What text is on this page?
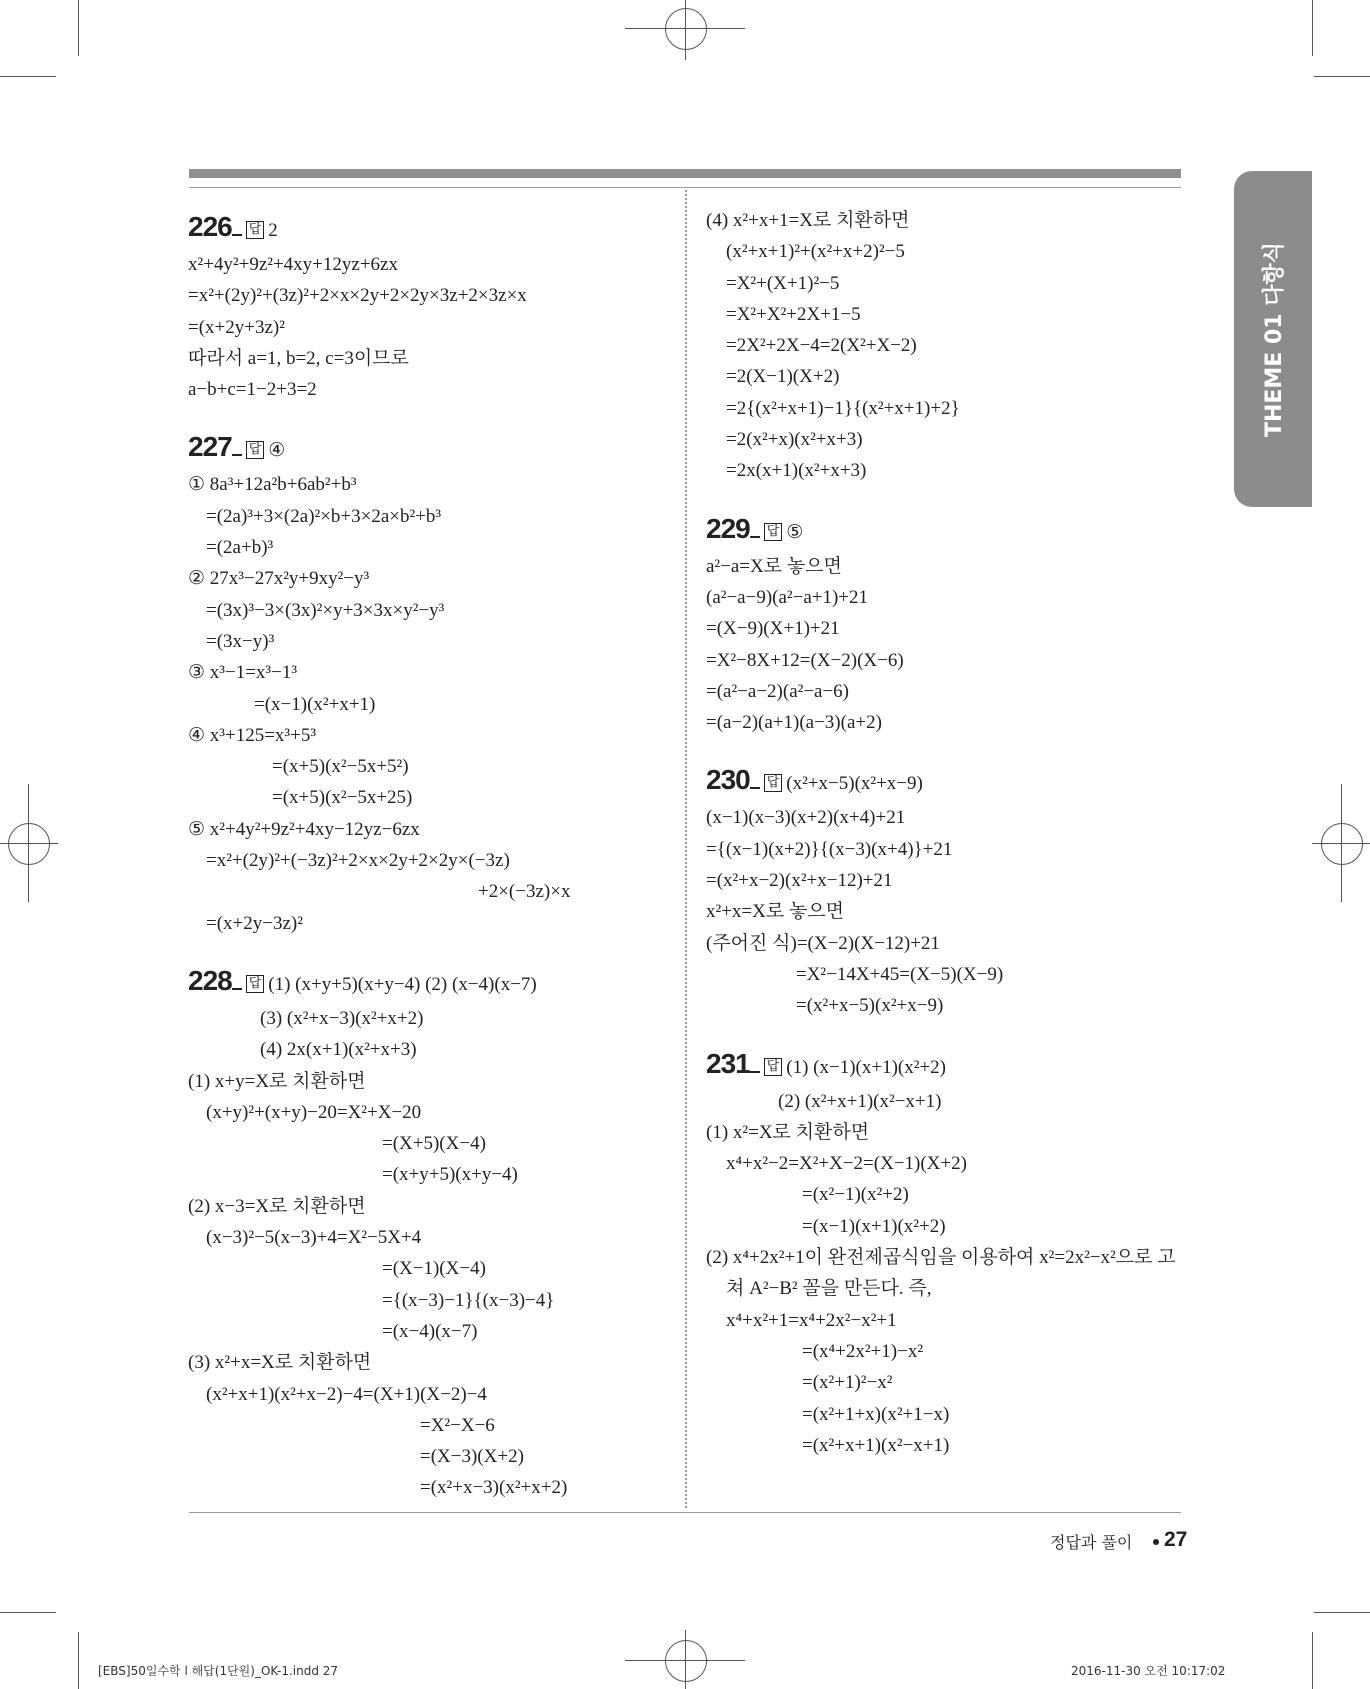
THEME 01 다항식
226 답 2
x²+4y²+9z²+4xy+12yz+6zx
=x²+(2y)²+(3z)²+2×x×2y+2×2y×3z+2×3z×x
=(x+2y+3z)²
따라서 a=1, b=2, c=3이므로
a−b+c=1−2+3=2
227 답 ④
① 8a³+12a²b+6ab²+b³
=(2a)³+3×(2a)²×b+3×2a×b²+b³
=(2a+b)³
② 27x³−27x²y+9xy²−y³
=(3x)³−3×(3x)²×y+3×3x×y²−y³
=(3x−y)³
③ x³−1=x³−1³
=(x−1)(x²+x+1)
④ x³+125=x³+5³
=(x+5)(x²−5x+5²)
=(x+5)(x²−5x+25)
⑤ x²+4y²+9z²+4xy−12yz−6zx
=x²+(2y)²+(−3z)²+2×x×2y+2×2y×(−3z)
+2×(−3z)×x
=(x+2y−3z)²
228 답 (1) (x+y+5)(x+y−4) (2) (x−4)(x−7)
(3) (x²+x−3)(x²+x+2)
(4) 2x(x+1)(x²+x+3)
(1) x+y=X로 치환하면
(x+y)²+(x+y)−20=X²+X−20
=(X+5)(X−4)
=(x+y+5)(x+y−4)
(2) x−3=X로 치환하면
(x−3)²−5(x−3)+4=X²−5X+4
=(X−1)(X−4)
={(x−3)−1}{(x−3)−4}
=(x−4)(x−7)
(3) x²+x=X로 치환하면
(x²+x+1)(x²+x−2)−4=(X+1)(X−2)−4
=X²−X−6
=(X−3)(X+2)
=(x²+x−3)(x²+x+2)
(4) x²+x+1=X로 치환하면
(x²+x+1)²+(x²+x+2)²−5
=X²+(X+1)²−5
=X²+X²+2X+1−5
=2X²+2X−4=2(X²+X−2)
=2(X−1)(X+2)
=2{(x²+x+1)−1}{(x²+x+1)+2}
=2(x²+x)(x²+x+3)
=2x(x+1)(x²+x+3)
229 답 ⑤
a²−a=X로 놓으면
(a²−a−9)(a²−a+1)+21
=(X−9)(X+1)+21
=X²−8X+12=(X−2)(X−6)
=(a²−a−2)(a²−a−6)
=(a−2)(a+1)(a−3)(a+2)
230 답 (x²+x−5)(x²+x−9)
(x−1)(x−3)(x+2)(x+4)+21
={(x−1)(x+2)}{(x−3)(x+4)}+21
=(x²+x−2)(x²+x−12)+21
x²+x=X로 놓으면
(주어진 식)=(X−2)(X−12)+21
=X²−14X+45=(X−5)(X−9)
=(x²+x−5)(x²+x−9)
231 답 (1) (x−1)(x+1)(x²+2)
(2) (x²+x+1)(x²−x+1)
(1) x²=X로 치환하면
x⁴+x²−2=X²+X−2=(X−1)(X+2)
=(x²−1)(x²+2)
=(x−1)(x+1)(x²+2)
(2) x⁴+2x²+1이 완전제곱식임을 이용하여 x²=2x²−x²으로 고
쳐 A²−B² 꼴을 만든다. 즉,
x⁴+x²+1=x⁴+2x²−x²+1
=(x⁴+2x²+1)−x²
=(x²+1)²−x²
=(x²+1+x)(x²+1−x)
=(x²+x+1)(x²−x+1)
정답과 풀이 27
[EBS]50일수학 l 해답(1단원)_OK-1.indd 27	2016-11-30 오전 10:17:02
